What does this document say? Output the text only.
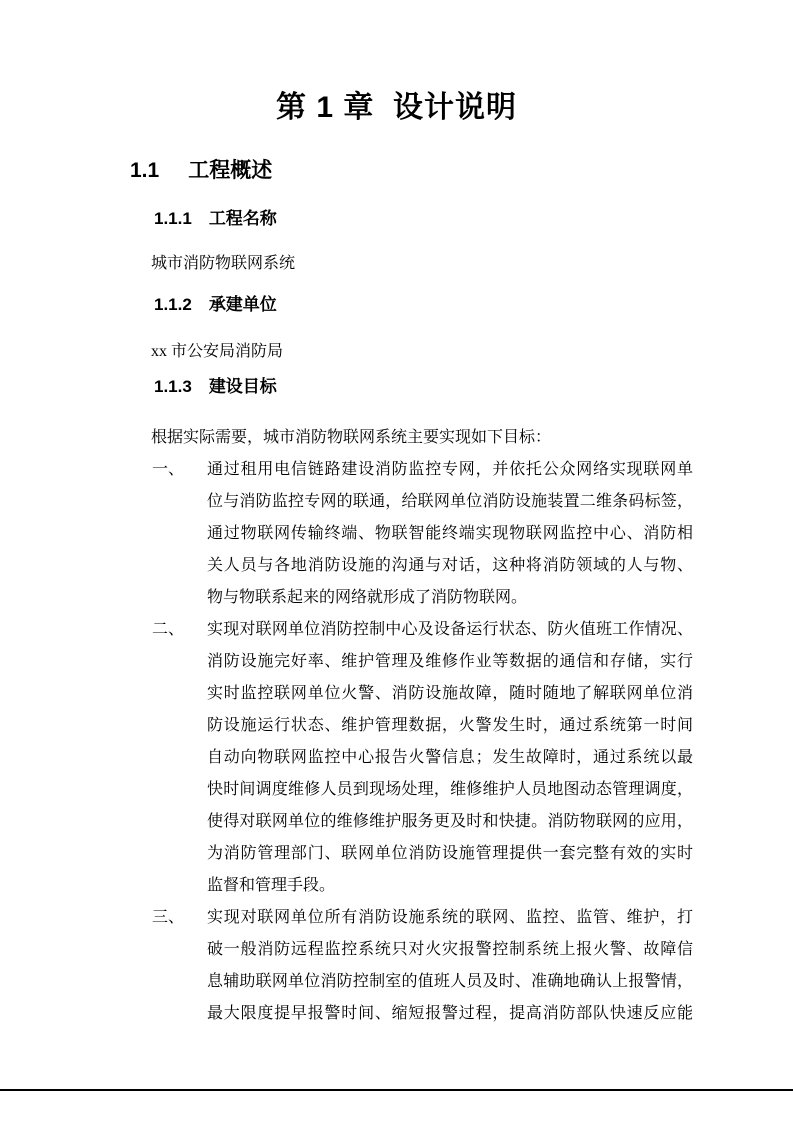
第 1 章  设计说明
1.1 工程概述
1.1.1 工程名称
城市消防物联网系统
1.1.2 承建单位
xx 市公安局消防局
1.1.3 建设目标
根据实际需要，城市消防物联网系统主要实现如下目标：
一、 通过租用电信链路建设消防监控专网，并依托公众网络实现联网单
位与消防监控专网的联通，给联网单位消防设施装置二维条码标签，
通过物联网传输终端、物联智能终端实现物联网监控中心、消防相
关人员与各地消防设施的沟通与对话，这种将消防领域的人与物、
物与物联系起来的网络就形成了消防物联网。
二、 实现对联网单位消防控制中心及设备运行状态、防火值班工作情况、
消防设施完好率、维护管理及维修作业等数据的通信和存储，实行
实时监控联网单位火警、消防设施故障，随时随地了解联网单位消
防设施运行状态、维护管理数据，火警发生时，通过系统第一时间
自动向物联网监控中心报告火警信息；发生故障时，通过系统以最
快时间调度维修人员到现场处理，维修维护人员地图动态管理调度，
使得对联网单位的维修维护服务更及时和快捷。消防物联网的应用，
为消防管理部门、联网单位消防设施管理提供一套完整有效的实时
监督和管理手段。
三、 实现对联网单位所有消防设施系统的联网、监控、监管、维护，打
破一般消防远程监控系统只对火灾报警控制系统上报火警、故障信
息辅助联网单位消防控制室的值班人员及时、准确地确认上报警情，
最大限度提早报警时间、缩短报警过程，提高消防部队快速反应能
